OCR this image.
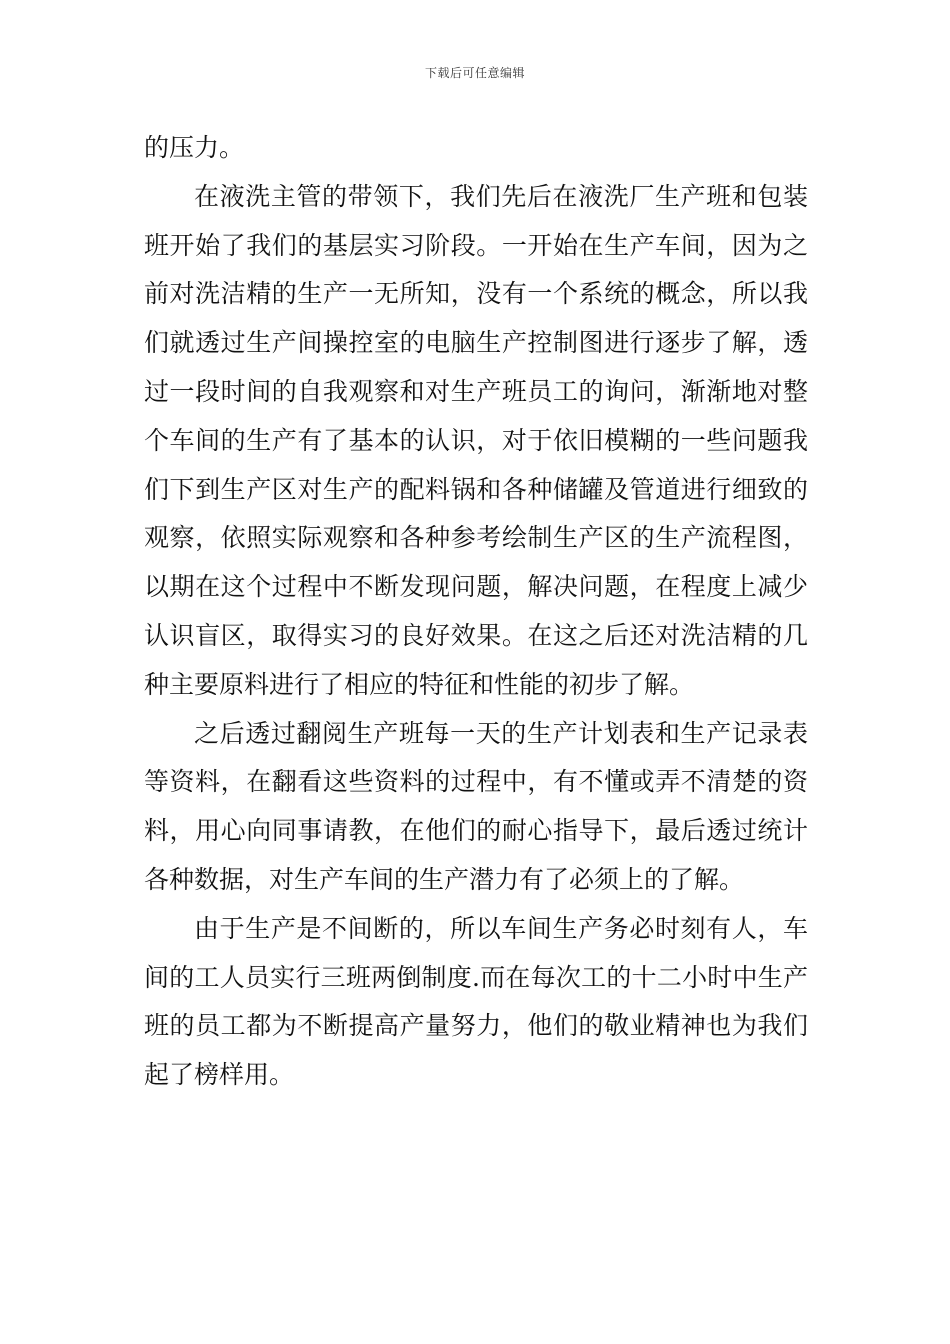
下载后可任意编辑

的压力。

在液洗主管的带领下，我们先后在液洗厂生产班和包装班开始了我们的基层实习阶段。一开始在生产车间，因为之前对洗洁精的生产一无所知，没有一个系统的概念，所以我们就透过生产间操控室的电脑生产控制图进行逐步了解，透过一段时间的自我观察和对生产班员工的询问，渐渐地对整个车间的生产有了基本的认识，对于依旧模糊的一些问题我们下到生产区对生产的配料锅和各种储罐及管道进行细致的观察，依照实际观察和各种参考绘制生产区的生产流程图，以期在这个过程中不断发现问题，解决问题，在程度上减少认识盲区，取得实习的良好效果。在这之后还对洗洁精的几种主要原料进行了相应的特征和性能的初步了解。

之后透过翻阅生产班每一天的生产计划表和生产记录表等资料，在翻看这些资料的过程中，有不懂或弄不清楚的资料，用心向同事请教，在他们的耐心指导下，最后透过统计各种数据，对生产车间的生产潜力有了必须上的了解。

由于生产是不间断的，所以车间生产务必时刻有人，车间的工人员实行三班两倒制度.而在每次工的十二小时中生产班的员工都为不断提高产量努力，他们的敬业精神也为我们起了榜样用。
